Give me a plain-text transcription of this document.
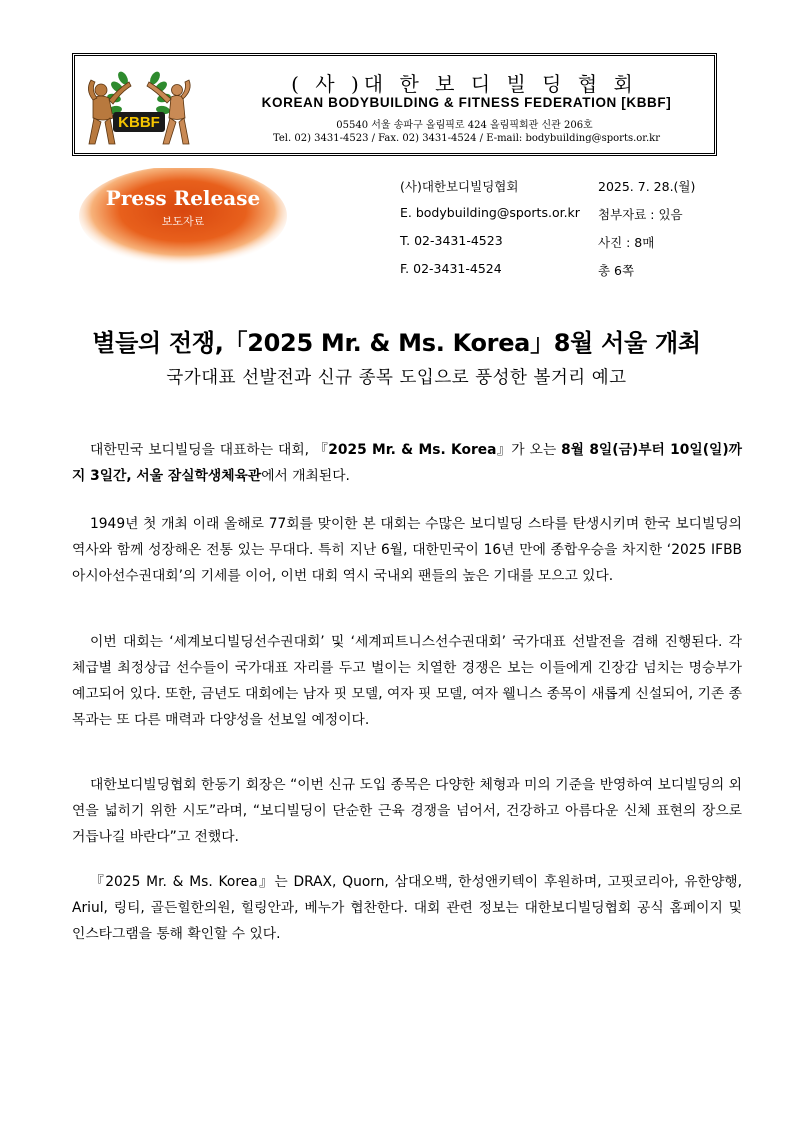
KBBF
( 사 )대 한 보 디 빌 딩 협 회
KOREAN BODYBUILDING & FITNESS FEDERATION [KBBF]
05540 서울 송파구 올림픽로 424 올림픽회관 신관 206호
Tel. 02) 3431-4523 / Fax. 02) 3431-4524 / E-mail: bodybuilding@sports.or.kr
Press Release
보도자료
(사)대한보디빌딩협회	2025. 7. 28.(월)
E. bodybuilding@sports.or.kr 첨부자료 : 있음
T. 02-3431-4523	사진 : 8매
F. 02-3431-4524	총 6쪽
별들의 전쟁,「2025 Mr. & Ms. Korea」8월 서울 개최
국가대표 선발전과 신규 종목 도입으로 풍성한 볼거리 예고

대한민국 보디빌딩을 대표하는 대회, 『2025 Mr. & Ms. Korea』가 오는 8월 8일(금)부터 10일(일)까지 3일간, 서울 잠실학생체육관에서 개최된다.

1949년 첫 개최 이래 올해로 77회를 맞이한 본 대회는 수많은 보디빌딩 스타를 탄생시키며 한국 보디빌딩의 역사와 함께 성장해온 전통 있는 무대다. 특히 지난 6월, 대한민국이 16년 만에 종합우승을 차지한 ‘2025 IFBB 아시아선수권대회’의 기세를 이어, 이번 대회 역시 국내외 팬들의 높은 기대를 모으고 있다.

이번 대회는 ‘세계보디빌딩선수권대회’ 및 ‘세계피트니스선수권대회’ 국가대표 선발전을 겸해 진행된다. 각 체급별 최정상급 선수들이 국가대표 자리를 두고 벌이는 치열한 경쟁은 보는 이들에게 긴장감 넘치는 명승부가 예고되어 있다. 또한, 금년도 대회에는 남자 핏 모델, 여자 핏 모델, 여자 웰니스 종목이 새롭게 신설되어, 기존 종목과는 또 다른 매력과 다양성을 선보일 예정이다.

대한보디빌딩협회 한동기 회장은 “이번 신규 도입 종목은 다양한 체형과 미의 기준을 반영하여 보디빌딩의 외연을 넓히기 위한 시도”라며, “보디빌딩이 단순한 근육 경쟁을 넘어서, 건강하고 아름다운 신체 표현의 장으로 거듭나길 바란다”고 전했다.

『2025 Mr. & Ms. Korea』는 DRAX, Quorn, 삼대오백, 한성앤키텍이 후원하며, 고핏코리아, 유한양행, Ariul, 링티, 골든힐한의원, 힐링안과, 베누가 협찬한다. 대회 관련 정보는 대한보디빌딩협회 공식 홈페이지 및 인스타그램을 통해 확인할 수 있다.
